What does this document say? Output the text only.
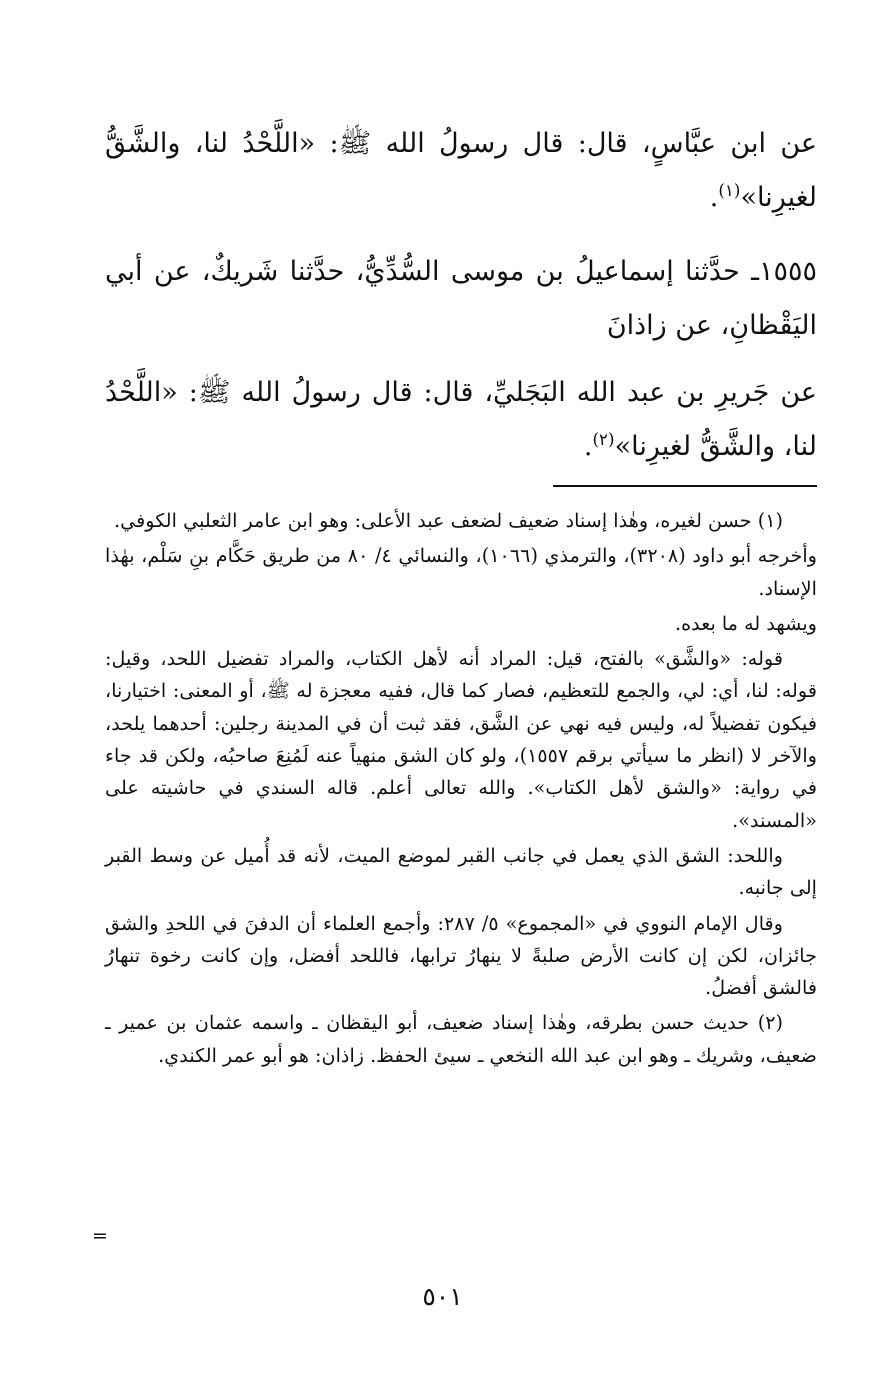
عن ابن عبَّاسٍ، قال: قال رسولُ الله ﷺ: «اللَّحْدُ لنا، والشَّقُّ لغيرِنا»$^{(١)}$.
١٥٥٥ـ حدَّثنا إسماعيلُ بن موسى السُّدِّيُّ، حدَّثنا شَريكٌ، عن أبي اليَقْظانِ، عن زاذانَ
عن جَريرِ بن عبد الله البَجَليِّ، قال: قال رسولُ الله ﷺ: «اللَّحْدُ لنا، والشَّقُّ لغيرِنا»$^{(٢)}$.

(١) حسن لغيره، وهٰذا إسناد ضعيف لضعف عبد الأعلى: وهو ابن عامر الثعلبي الكوفي.

وأخرجه أبو داود (٣٢٠٨)، والترمذي (١٠٦٦)، والنسائي ٤/ ٨٠ من طريق حَكَّام بنِ سَلْم، بهٰذا الإسناد.

ويشهد له ما بعده.

قوله: «والشَّق» بالفتح، قيل: المراد أنه لأهل الكتاب، والمراد تفضيل اللحد، وقيل: قوله: لنا، أي: لي، والجمع للتعظيم، فصار كما قال، ففيه معجزة له ﷺ، أو المعنى: اختيارنا، فيكون تفضيلاً له، وليس فيه نهي عن الشَّق، فقد ثبت أن في المدينة رجلين: أحدهما يلحد، والآخر لا (انظر ما سيأتي برقم ١٥٥٧)، ولو كان الشق منهياً عنه لَمُنِعَ صاحبُه، ولكن قد جاء في رواية: «والشق لأهل الكتاب». والله تعالى أعلم. قاله السندي في حاشيته على «المسند».

واللحد: الشق الذي يعمل في جانب القبر لموضع الميت، لأنه قد أُميل عن وسط القبر إلى جانبه.

وقال الإمام النووي في «المجموع» ٥/ ٢٨٧: وأجمع العلماء أن الدفنَ في اللحدِ والشق جائزان، لكن إن كانت الأرض صلبةً لا ينهارُ ترابها، فاللحد أفضل، وإن كانت رخوة تنهارُ فالشق أفضلُ.

(٢) حديث حسن بطرقه، وهٰذا إسناد ضعيف، أبو اليقظان ـ واسمه عثمان بن عمير ـ ضعيف، وشريك ـ وهو ابن عبد الله النخعي ـ سيئ الحفظ. زاذان: هو أبو عمر الكندي.

=
٥٠١
